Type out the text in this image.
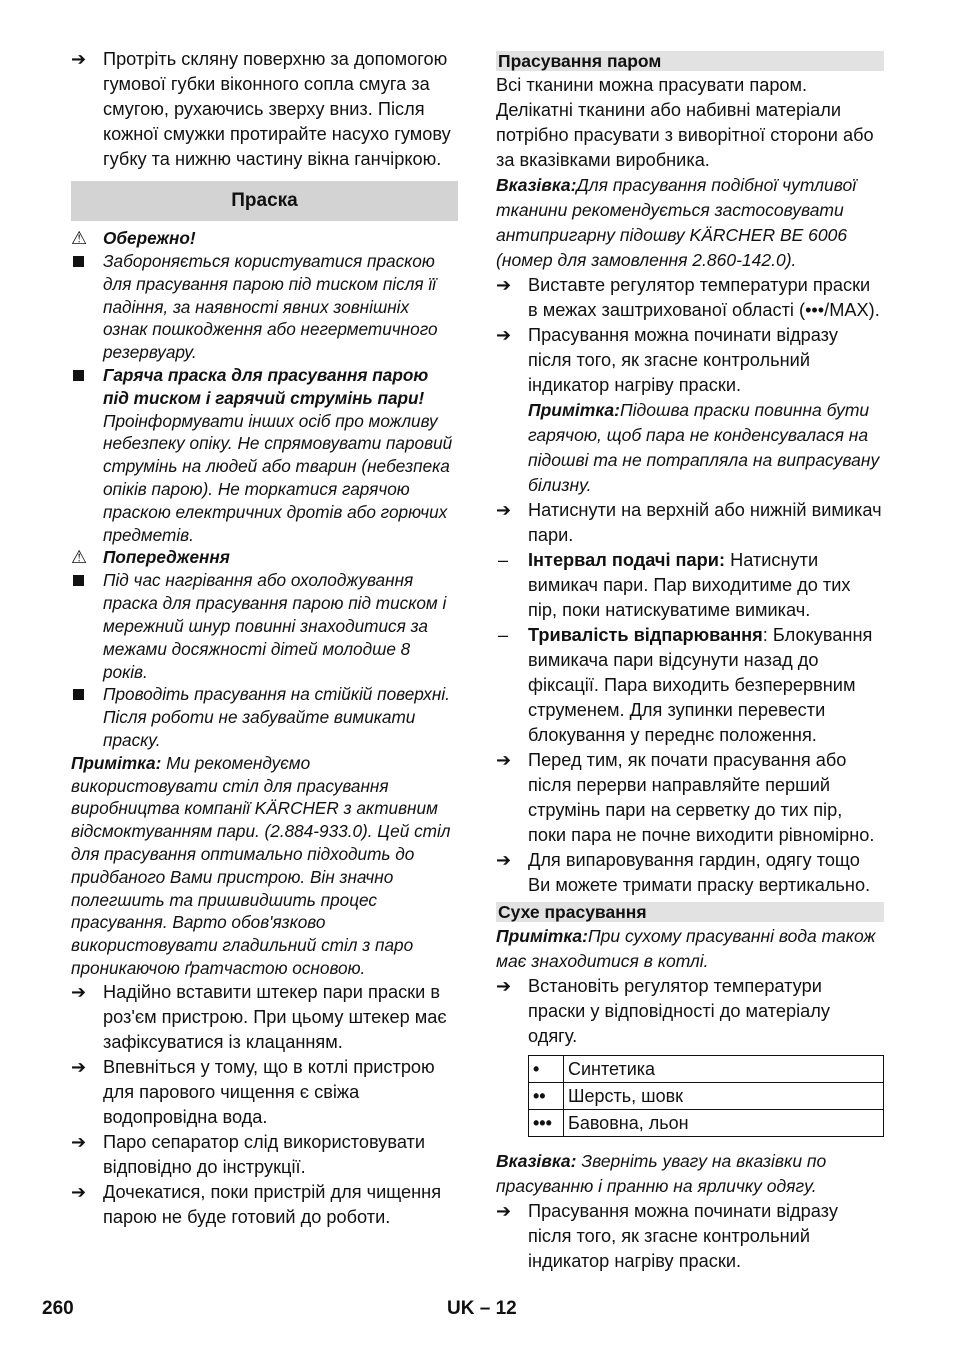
➔ Протріть скляну поверхню за допомогою гумової губки віконного сопла смуга за смугою, рухаючись зверху вниз. Після кожної смужки протирайте насухо гумову губку та нижню частину вікна ганчіркою.
Праска
⚠ Обережно!
Забороняється користуватися праскою для прасування парою під тиском після її падіння, за наявності явних зовнішніх ознак пошкодження або негерметичного резервуару.
Гаряча праска для прасування парою під тиском і гарячий струмінь пари! Проінформувати інших осіб про можливу небезпеку опіку. Не спрямовувати паровий струмінь на людей або тварин (небезпека опіків парою). Не торкатися гарячою праскою електричних дротів або горючих предметів.
⚠ Попередження
Під час нагрівання або охолоджування праска для прасування парою під тиском і мережний шнур повинні знаходитися за межами досяжності дітей молодше 8 років.
Проводіть прасування на стійкій поверхні. Після роботи не забувайте вимикати праску.
Примітка: Ми рекомендуємо використовувати стіл для прасування виробництва компанії KÄRCHER з активним відсмоктуванням пари. (2.884-933.0). Цей стіл для прасування оптимально підходить до придбаного Вами пристрою. Він значно полегшить та пришвидшить процес прасування. Варто обов'язково використовувати гладильний стіл з паро проникаючою ґратчастою основою.
➔ Надійно вставити штекер пари праски в роз'єм пристрою. При цьому штекер має зафіксуватися із клацанням.
➔ Впевніться у тому, що в котлі пристрою для парового чищення є свіжа водопровідна вода.
➔ Паро сепаратор слід використовувати відповідно до інструкції.
➔ Дочекатися, поки пристрій для чищення парою не буде готовий до роботи.
Прасування паром
Всі тканини можна прасувати паром. Делікатні тканини або набивні матеріали потрібно прасувати з виворітної сторони або за вказівками виробника.
Вказівка:Для прасування подібної чутливої тканини рекомендується застосовувати антипригарну підошву KÄRCHER BE 6006 (номер для замовлення 2.860-142.0).
➔ Виставте регулятор температури праски в межах заштрихованої області (•••/MAX).
➔ Прасування можна починати відразу після того, як згасне контрольний індикатор нагріву праски.
Примітка:Підошва праски повинна бути гарячою, щоб пара не конденсувалася на підошві та не потрапляла на випрасувану білизну.
➔ Натиснути на верхній або нижній вимикач пари.
– Інтервал подачі пари: Натиснути вимикач пари. Пар виходитиме до тих пір, поки натискуватиме вимикач.
– Тривалість відпарювання: Блокування вимикача пари відсунути назад до фіксації. Пара виходить безперервним струменем. Для зупинки перевести блокування у переднє положення.
➔ Перед тим, як почати прасування або після перерви направляйте перший струмінь пари на серветку до тих пір, поки пара не почне виходити рівномірно.
➔ Для випаровування гардин, одягу тощо Ви можете тримати праску вертикально.
Сухе прасування
Примітка:При сухому прасуванні вода також має знаходитися в котлі.
➔ Встановіть регулятор температури праски у відповідності до матеріалу одягу.
•	Синтетика
••	Шерсть, шовк
•••	Бавовна, льон
Вказівка: Зверніть увагу на вказівки по прасуванню і пранню на ярличку одягу.
➔ Прасування можна починати відразу після того, як згасне контрольний індикатор нагріву праски.
260	UK – 12
